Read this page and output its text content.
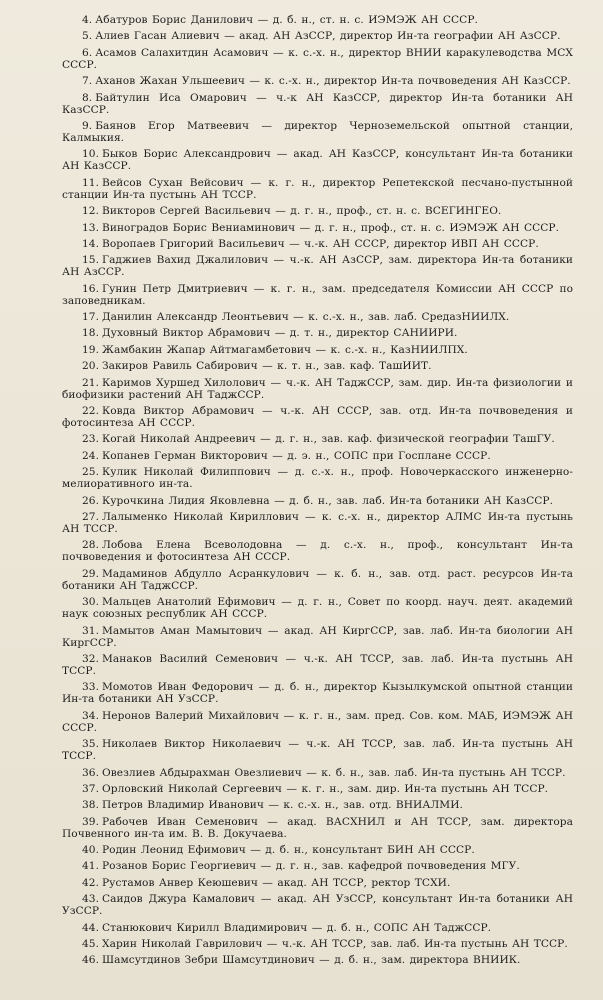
4. Абатуров Борис Данилович — д. б. н., ст. н. с. ИЭМЭЖ АН СССР.

5. Алиев Гасан Алиевич — акад. АН АзССР, директор Ин-та географии АН АзССР.

6. Асамов Салахитдин Асамович — к. с.-х. н., директор ВНИИ каракулеводства МСХ СССР.

7. Аханов Жахан Ульшеевич — к. с.-х. н., директор Ин-та почвоведения АН КазССР.

8. Байтулин Иса Омарович — ч.-к АН КазССР, директор Ин-та ботаники АН КазССР.

9. Баянов Егор Матвеевич — директор Черноземельской опытной станции, Калмыкия.

10. Быков Борис Александрович — акад. АН КазССР, консультант Ин-та ботаники АН КазССР.

11. Вейсов Сухан Вейсович — к. г. н., директор Репетекской песчано-пустынной станции Ин-та пустынь АН ТССР.

12. Викторов Сергей Васильевич — д. г. н., проф., ст. н. с. ВСЕГИНГЕО.

13. Виноградов Борис Вениаминович — д. г. н., проф., ст. н. с. ИЭМЭЖ АН СССР.

14. Воропаев Григорий Васильевич — ч.-к. АН СССР, директор ИВП АН СССР.

15. Гаджиев Вахид Джалилович — ч.-к. АН АзССР, зам. директора Ин-та ботаники АН АзССР.

16. Гунин Петр Дмитриевич — к. г. н., зам. председателя Комиссии АН СССР по заповедникам.

17. Данилин Александр Леонтьевич — к. с.-х. н., зав. лаб. СредазНИИЛХ.

18. Духовный Виктор Абрамович — д. т. н., директор САНИИРИ.

19. Жамбакин Жапар Айтмагамбетович — к. с.-х. н., КазНИИЛПХ.

20. Закиров Равиль Сабирович — к. т. н., зав. каф. ТашИИТ.

21. Каримов Хуршед Хилолович — ч.-к. АН ТаджССР, зам. дир. Ин-та физиологии и биофизики растений АН ТаджССР.

22. Ковда Виктор Абрамович — ч.-к. АН СССР, зав. отд. Ин-та почвоведения и фотосинтеза АН СССР.

23. Когай Николай Андреевич — д. г. н., зав. каф. физической географии ТашГУ.

24. Копанев Герман Викторович — д. э. н., СОПС при Госплане СССР.

25. Кулик Николай Филиппович — д. с.-х. н., проф. Новочеркасского инженерно-мелиоративного ин-та.

26. Курочкина Лидия Яковлевна — д. б. н., зав. лаб. Ин-та ботаники АН КазССР.

27. Лалыменко Николай Кириллович — к. с.-х. н., директор АЛМС Ин-та пустынь АН ТССР.

28. Лобова Елена Всеволодовна — д. с.-х. н., проф., консультант Ин-та почвоведения и фотосинтеза АН СССР.

29. Мадаминов Абдулло Асранкулович — к. б. н., зав. отд. раст. ресурсов Ин-та ботаники АН ТаджССР.

30. Мальцев Анатолий Ефимович — д. г. н., Совет по коорд. науч. деят. академий наук союзных республик АН СССР.

31. Мамытов Аман Мамытович — акад. АН КиргССР, зав. лаб. Ин-та биологии АН КиргССР.

32. Манаков Василий Семенович — ч.-к. АН ТССР, зав. лаб. Ин-та пустынь АН ТССР.

33. Момотов Иван Федорович — д. б. н., директор Кызылкумской опытной станции Ин-та ботаники АН УзССР.

34. Неронов Валерий Михайлович — к. г. н., зам. пред. Сов. ком. МАБ, ИЭМЭЖ АН СССР.

35. Николаев Виктор Николаевич — ч.-к. АН ТССР, зав. лаб. Ин-та пустынь АН ТССР.

36. Овезлиев Абдырахман Овезлиевич — к. б. н., зав. лаб. Ин-та пустынь АН ТССР.

37. Орловский Николай Сергеевич — к. г. н., зам. дир. Ин-та пустынь АН ТССР.

38. Петров Владимир Иванович — к. с.-х. н., зав. отд. ВНИАЛМИ.

39. Рабочев Иван Семенович — акад. ВАСХНИЛ и АН ТССР, зам. директора Почвенного ин-та им. В. В. Докучаева.

40. Родин Леонид Ефимович — д. б. н., консультант БИН АН СССР.

41. Розанов Борис Георгиевич — д. г. н., зав. кафедрой почвоведения МГУ.

42. Рустамов Анвер Кеюшевич — акад. АН ТССР, ректор ТСХИ.

43. Саидов Джура Камалович — акад. АН УзССР, консультант Ин-та ботаники АН УзССР.

44. Станюкович Кирилл Владимирович — д. б. н., СОПС АН ТаджССР.

45. Харин Николай Гаврилович — ч.-к. АН ТССР, зав. лаб. Ин-та пустынь АН ТССР.

46. Шамсутдинов Зебри Шамсутдинович — д. б. н., зам. директора ВНИИК.
